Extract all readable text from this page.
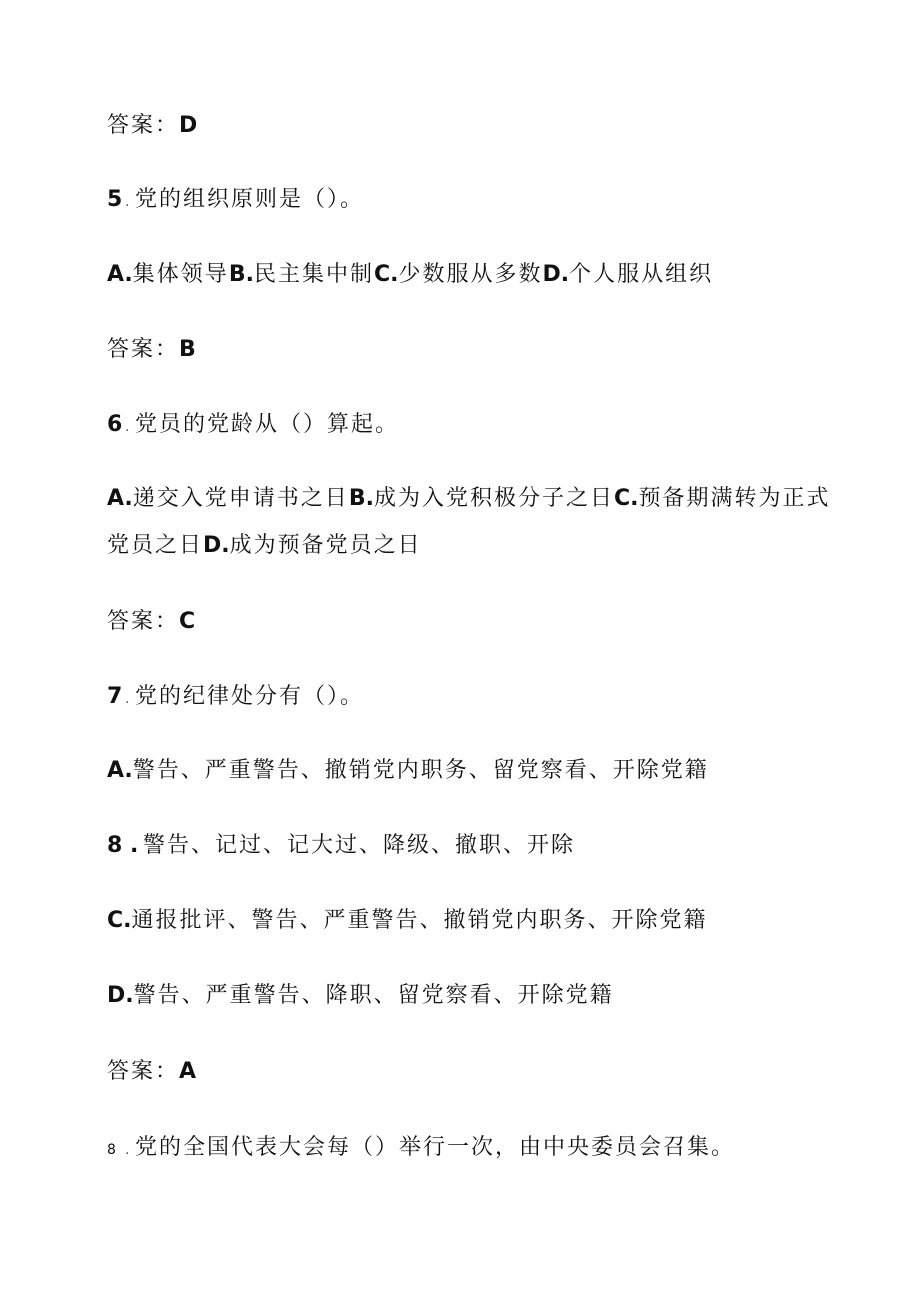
答案：D
5. 党的组织原则是（）。
A.集体领导B.民主集中制C.少数服从多数D.个人服从组织
答案：B
6. 党员的党龄从（）算起。
A.递交入党申请书之日B.成为入党积极分子之日C.预备期满转为正式
党员之日D.成为预备党员之日
答案：C
7. 党的纪律处分有（）。
A.警告、严重警告、撤销党内职务、留党察看、开除党籍
8 . 警告、记过、记大过、降级、撤职、开除
C.通报批评、警告、严重警告、撤销党内职务、开除党籍
D.警告、严重警告、降职、留党察看、开除党籍
答案：A
8 . 党的全国代表大会每（）举行一次，由中央委员会召集。
